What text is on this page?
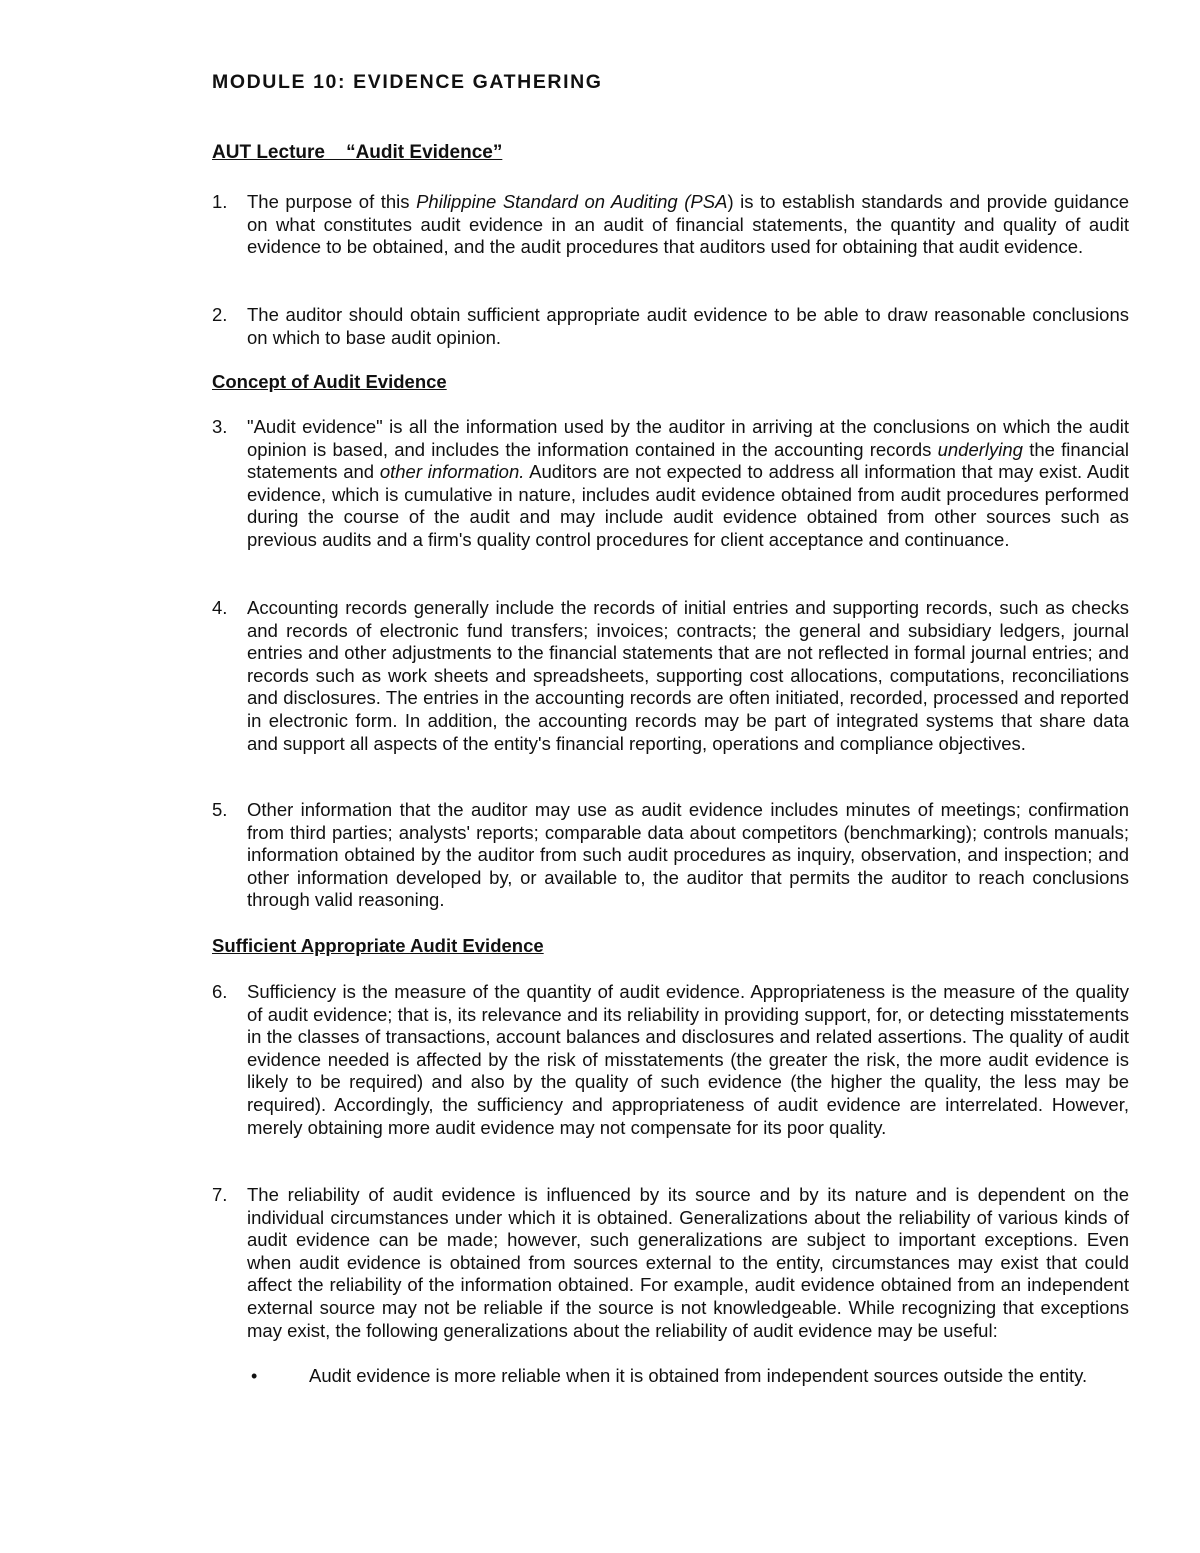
MODULE 10: EVIDENCE GATHERING
AUT Lecture    “Audit Evidence”
1. The purpose of this Philippine Standard on Auditing (PSA) is to establish standards and provide guidance on what constitutes audit evidence in an audit of financial statements, the quantity and quality of audit evidence to be obtained, and the audit procedures that auditors used for obtaining that audit evidence.
2. The auditor should obtain sufficient appropriate audit evidence to be able to draw reasonable conclusions on which to base audit opinion.
Concept of Audit Evidence
3. "Audit evidence" is all the information used by the auditor in arriving at the conclusions on which the audit opinion is based, and includes the information contained in the accounting records underlying the financial statements and other information. Auditors are not expected to address all information that may exist. Audit evidence, which is cumulative in nature, includes audit evidence obtained from audit procedures performed during the course of the audit and may include audit evidence obtained from other sources such as previous audits and a firm's quality control procedures for client acceptance and continuance.
4. Accounting records generally include the records of initial entries and supporting records, such as checks and records of electronic fund transfers; invoices; contracts; the general and subsidiary ledgers, journal entries and other adjustments to the financial statements that are not reflected in formal journal entries; and records such as work sheets and spreadsheets, supporting cost allocations, computations, reconciliations and disclosures. The entries in the accounting records are often initiated, recorded, processed and reported in electronic form. In addition, the accounting records may be part of integrated systems that share data and support all aspects of the entity's financial reporting, operations and compliance objectives.
5. Other information that the auditor may use as audit evidence includes minutes of meetings; confirmation from third parties; analysts' reports; comparable data about competitors (benchmarking); controls manuals; information obtained by the auditor from such audit procedures as inquiry, observation, and inspection; and other information developed by, or available to, the auditor that permits the auditor to reach conclusions through valid reasoning.
Sufficient Appropriate Audit Evidence
6. Sufficiency is the measure of the quantity of audit evidence. Appropriateness is the measure of the quality of audit evidence; that is, its relevance and its reliability in providing support, for, or detecting misstatements in the classes of transactions, account balances and disclosures and related assertions. The quality of audit evidence needed is affected by the risk of misstatements (the greater the risk, the more audit evidence is likely to be required) and also by the quality of such evidence (the higher the quality, the less may be required). Accordingly, the sufficiency and appropriateness of audit evidence are interrelated. However, merely obtaining more audit evidence may not compensate for its poor quality.
7. The reliability of audit evidence is influenced by its source and by its nature and is dependent on the individual circumstances under which it is obtained. Generalizations about the reliability of various kinds of audit evidence can be made; however, such generalizations are subject to important exceptions. Even when audit evidence is obtained from sources external to the entity, circumstances may exist that could affect the reliability of the information obtained. For example, audit evidence obtained from an independent external source may not be reliable if the source is not knowledgeable. While recognizing that exceptions may exist, the following generalizations about the reliability of audit evidence may be useful:
•	Audit evidence is more reliable when it is obtained from independent sources outside the entity.
